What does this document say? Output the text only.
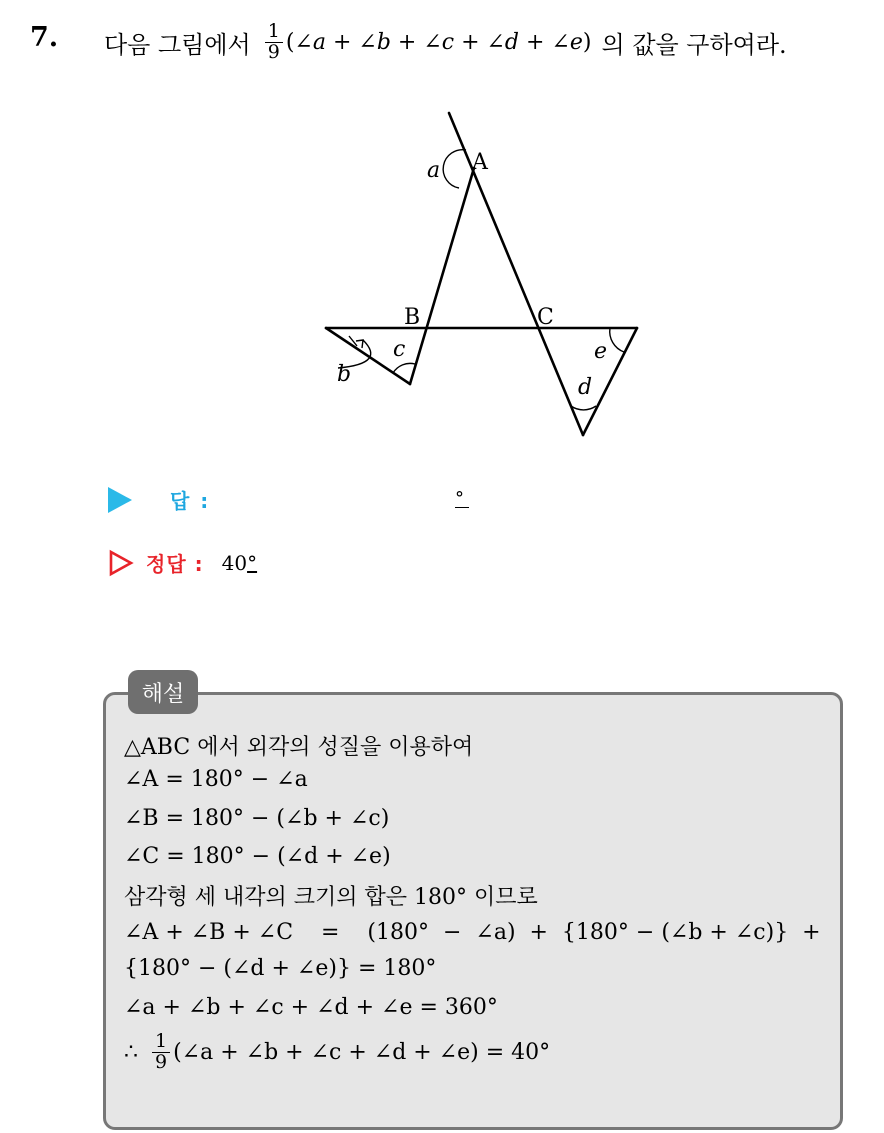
7. 다음 그림에서 $\frac{1}{9}$ (∠a + ∠b + ∠c + ∠d + ∠e) 의 값을 구하여라.
A
B	C
a
b
c
d
e
답 :	°
정답 : 40°
해설
△ABC 에서 외각의 성질을 이용하여
∠A = 180° − ∠a
∠B = 180° − (∠b + ∠c)
∠C = 180° − (∠d + ∠e)
삼각형 세 내각의 크기의 합은 180° 이므로
∠A + ∠B + ∠C    =    (180°  −  ∠a)  +  {180° − (∠b + ∠c)}  +
{180° − (∠d + ∠e)} = 180°
∠a + ∠b + ∠c + ∠d + ∠e = 360°
∴ $\frac{1}{9}$ (∠a + ∠b + ∠c + ∠d + ∠e) = 40°
